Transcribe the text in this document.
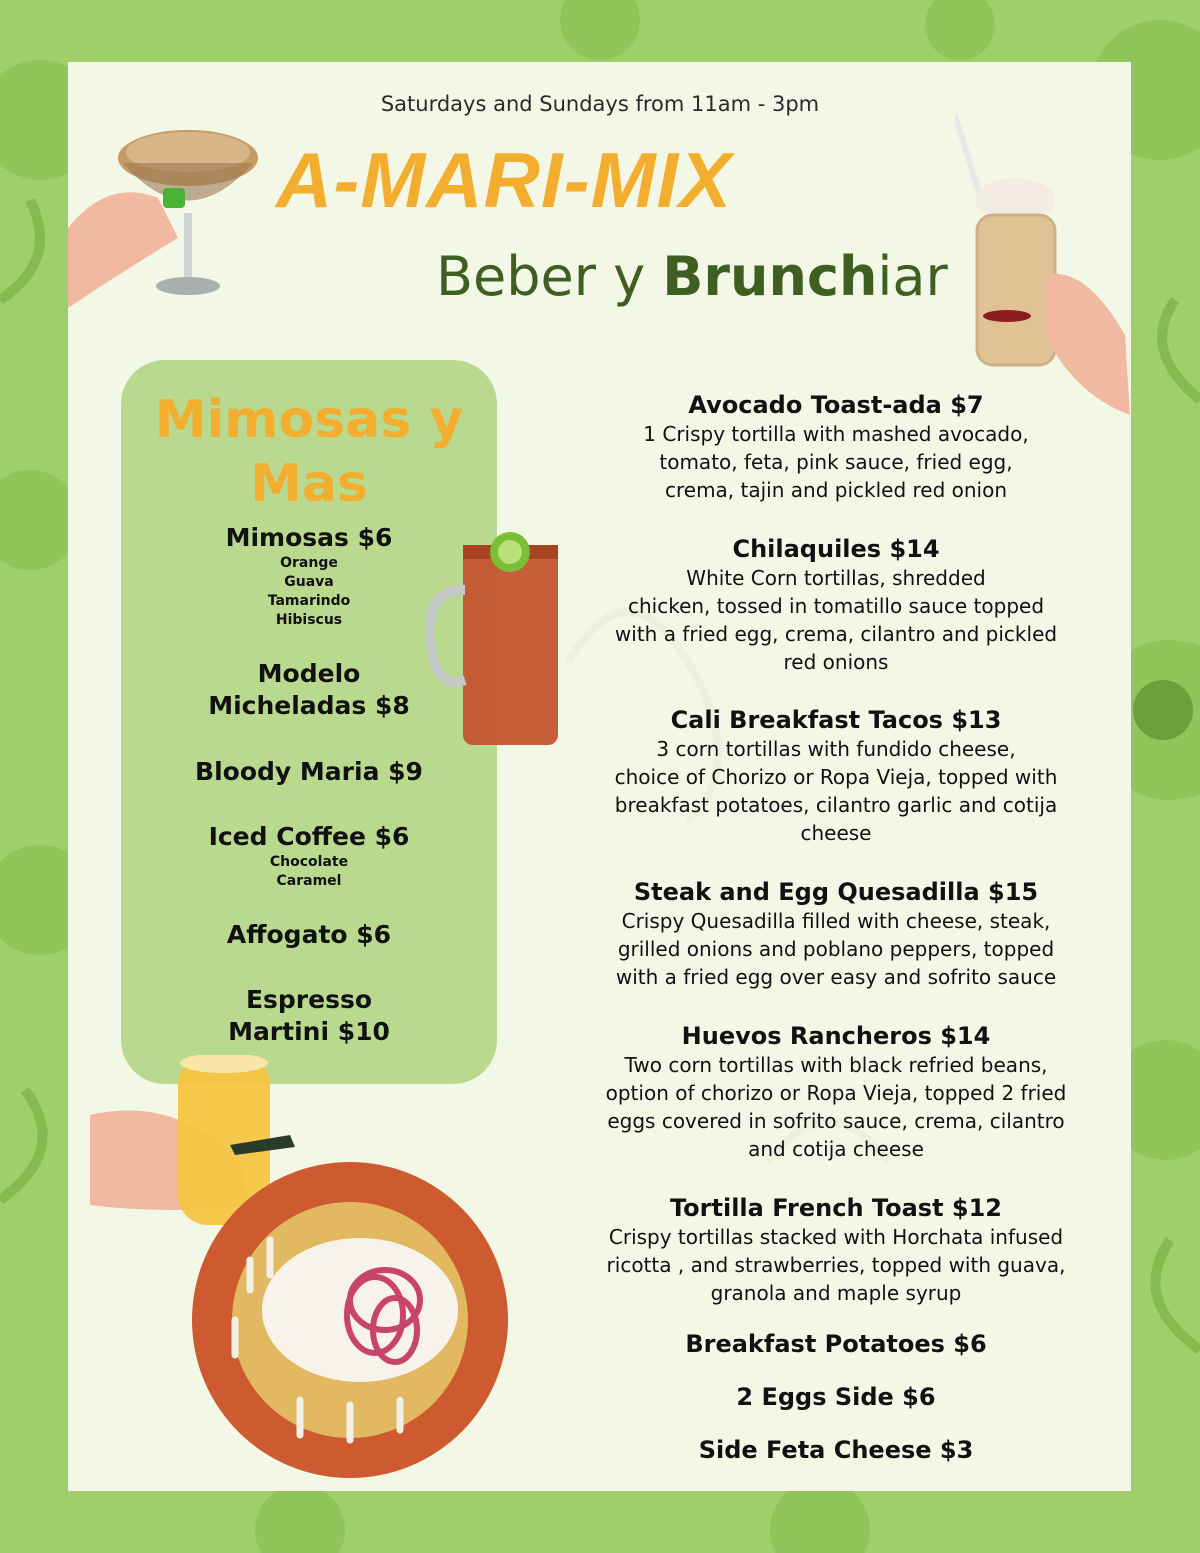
Saturdays and Sundays from 11am - 3pm
A-MARI-MIX
Beber y Brunchiar
Mimosas y
Mas
Mimosas $6
Orange
Guava
Tamarindo
Hibiscus
Modelo
Micheladas $8
Bloody Maria $9
Iced Coffee $6
Chocolate
Caramel
Affogato $6
Espresso
Martini $10
Avocado Toast-ada $7
1 Crispy tortilla with mashed avocado,
tomato, feta, pink sauce, fried egg,
crema, tajin and pickled red onion
Chilaquiles $14
White Corn tortillas, shredded
chicken, tossed in tomatillo sauce topped
with a fried egg, crema, cilantro and pickled
red onions
Cali Breakfast Tacos $13
3 corn tortillas with fundido cheese,
choice of Chorizo or Ropa Vieja, topped with
breakfast potatoes, cilantro garlic and cotija
cheese
Steak and Egg Quesadilla $15
Crispy Quesadilla filled with cheese, steak,
grilled onions and poblano peppers, topped
with a fried egg over easy and sofrito sauce
Huevos Rancheros $14
Two corn tortillas with black refried beans,
option of chorizo or Ropa Vieja, topped 2 fried
eggs covered in sofrito sauce, crema, cilantro
and cotija cheese
Tortilla French Toast $12
Crispy tortillas stacked with Horchata infused
ricotta , and strawberries, topped with guava,
granola and maple syrup
Breakfast Potatoes $6
2 Eggs Side $6
Side Feta Cheese $3
